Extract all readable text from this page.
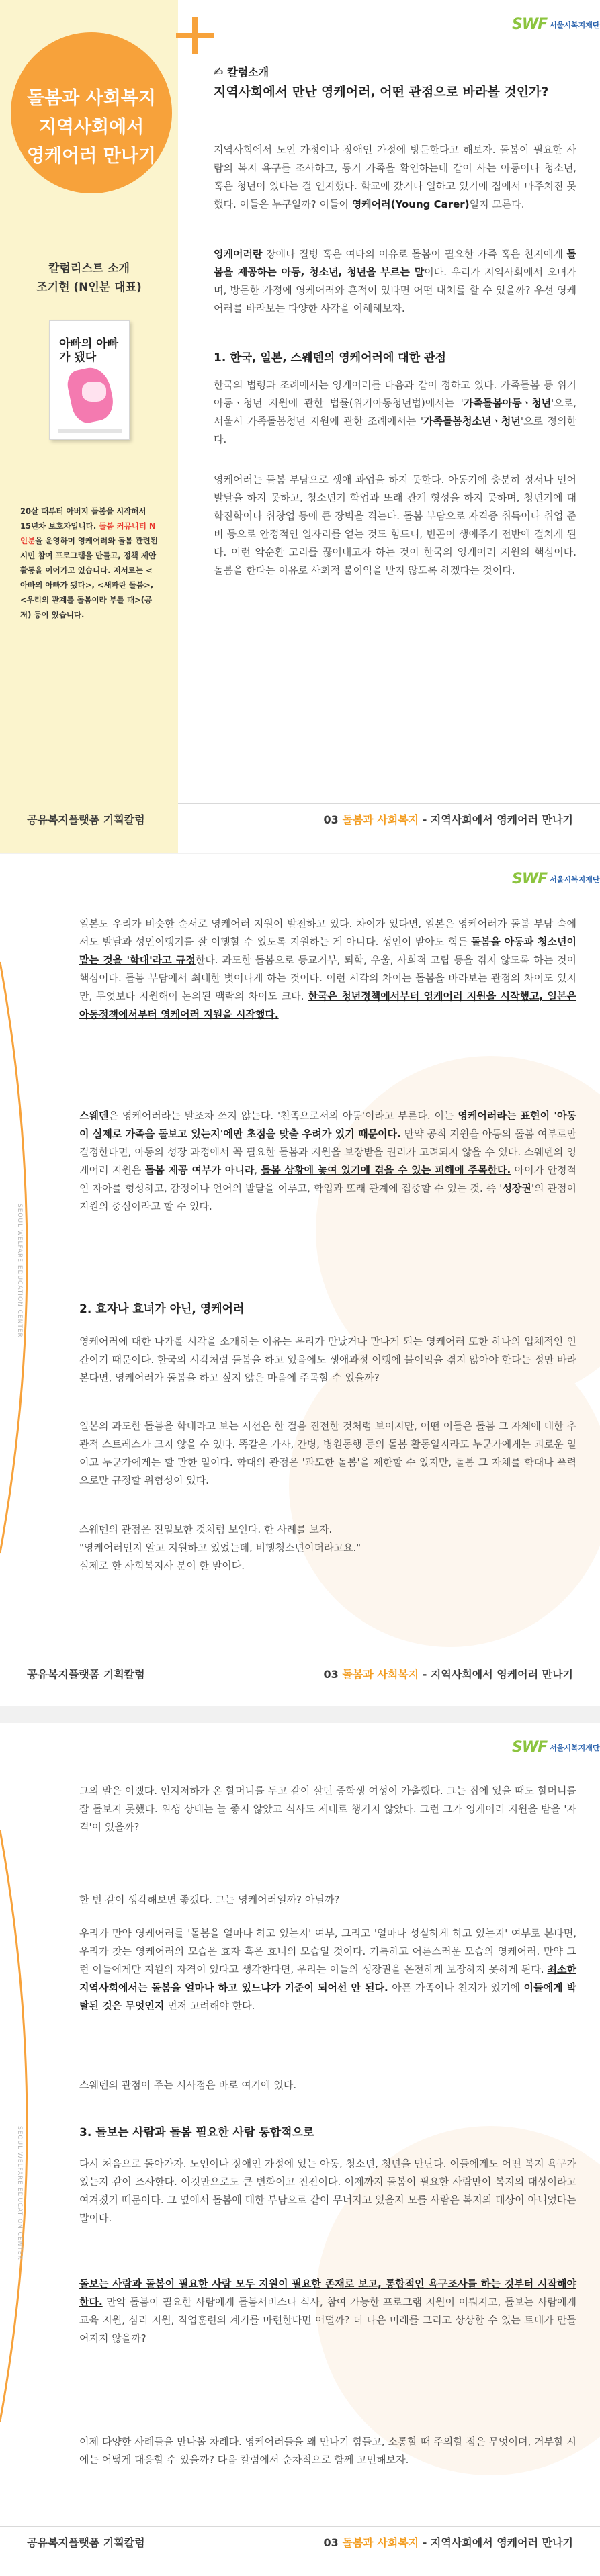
돌봄과 사회복지
지역사회에서
영케어러 만나기
칼럼리스트 소개
조기현 (N인분 대표)
아빠의 아빠가 됐다
20살 때부터 아버지 돌봄을 시작해서 15년차 보호자입니다. 돌봄 커뮤니티 N인분을 운영하며 영케어러와 돌봄 관련된 시민 참여 프로그램을 만들고, 정책 제안 활동을 이어가고 있습니다. 저서로는 <아빠의 아빠가 됐다>, <새파란 돌봄>, <우리의 관계를 돌봄이라 부를 때>(공저) 등이 있습니다.
SWF 서울시복지재단
✍ 칼럼소개
지역사회에서 만난 영케어러, 어떤 관점으로 바라볼 것인가?

지역사회에서 노인 가정이나 장애인 가정에 방문한다고 해보자. 돌봄이 필요한 사람의 복지 욕구를 조사하고, 동거 가족을 확인하는데 같이 사는 아동이나 청소년, 혹은 청년이 있다는 걸 인지했다. 학교에 갔거나 일하고 있기에 집에서 마주치진 못했다. 이들은 누구일까? 이들이 영케어러(Young Carer)일지 모른다.

영케어러란 장애나 질병 혹은 여타의 이유로 돌봄이 필요한 가족 혹은 친지에게 돌봄을 제공하는 아동, 청소년, 청년을 부르는 말이다. 우리가 지역사회에서 오며가며, 방문한 가정에 영케어러와 흔적이 있다면 어떤 대처를 할 수 있을까? 우선 영케어러를 바라보는 다양한 사각을 이해해보자.

1. 한국, 일본, 스웨덴의 영케어러에 대한 관점

한국의 법령과 조례에서는 영케어러를 다음과 같이 정하고 있다. 가족돌봄 등 위기 아동ㆍ청년 지원에 관한 법률(위기아동청년법)에서는 '가족돌봄아동ㆍ청년'으로, 서울시 가족돌봄청년 지원에 관한 조례에서는 '가족돌봄청소년ㆍ청년'으로 정의한다.

영케어러는 돌봄 부담으로 생애 과업을 하지 못한다. 아동기에 충분히 정서나 언어 발달을 하지 못하고, 청소년기 학업과 또래 관계 형성을 하지 못하며, 청년기에 대학진학이나 취창업 등에 큰 장벽을 겪는다. 돌봄 부담으로 자격증 취득이나 취업 준비 등으로 안정적인 일자리를 얻는 것도 힘드니, 빈곤이 생애주기 전반에 걸치게 된다. 이런 악순환 고리를 끊어내고자 하는 것이 한국의 영케어러 지원의 핵심이다. 돌봄을 한다는 이유로 사회적 불이익을 받지 않도록 하겠다는 것이다.

공유복지플랫폼 기획칼럼	03 돌봄과 사회복지 - 지역사회에서 영케어러 만나기
SEOUL WELFARE EDUCATION CENTER
SWF 서울시복지재단

일본도 우리가 비슷한 순서로 영케어러 지원이 발전하고 있다. 차이가 있다면, 일본은 영케어러가 돌봄 부담 속에서도 발달과 성인이행기를 잘 이행할 수 있도록 지원하는 게 아니다. 성인이 맡아도 힘든 돌봄을 아동과 청소년이 맡는 것을 '학대'라고 규정한다. 과도한 돌봄으로 등교거부, 퇴학, 우울, 사회적 고립 등을 겪지 않도록 하는 것이 핵심이다. 돌봄 부담에서 최대한 벗어나게 하는 것이다. 이런 시각의 차이는 돌봄을 바라보는 관점의 차이도 있지만, 무엇보다 지원해이 논의된 맥락의 차이도 크다. 한국은 청년정책에서부터 영케어러 지원을 시작했고, 일본은 아동정책에서부터 영케어러 지원을 시작했다.

스웨덴은 영케어러라는 말조차 쓰지 않는다. '친족으로서의 아동'이라고 부른다. 이는 영케어러라는 표현이 '아동이 실제로 가족을 돌보고 있는지'에만 초점을 맞출 우려가 있기 때문이다. 만약 공적 지원을 아동의 돌봄 여부로만 결정한다면, 아동의 성장 과정에서 꼭 필요한 돌봄과 지원을 보장받을 권리가 고려되지 않을 수 있다. 스웨덴의 영케어러 지원은 돌봄 제공 여부가 아니라, 돌봄 상황에 놓여 있기에 겪을 수 있는 피해에 주목한다. 아이가 안정적인 자아를 형성하고, 감정이나 언어의 발달을 이루고, 학업과 또래 관계에 집중할 수 있는 것. 즉 '성장권'의 관점이 지원의 중심이라고 할 수 있다.

2. 효자나 효녀가 아닌, 영케어러

영케어러에 대한 나가볼 시각을 소개하는 이유는 우리가 만났거나 만나게 되는 영케어러 또한 하나의 입체적인 인간이기 때문이다. 한국의 시각처럼 돌봄을 하고 있음에도 생애과정 이행에 불이익을 겪지 않아야 한다는 정만 바라본다면, 영케어러가 돌봄을 하고 싶지 않은 마음에 주목할 수 있을까?

일본의 과도한 돌봄을 학대라고 보는 시선은 한 걸음 진전한 것처럼 보이지만, 어떤 이들은 돌봄 그 자체에 대한 추관적 스트레스가 크지 않을 수 있다. 똑같은 가사, 간병, 병원동행 등의 돌봄 활동일지라도 누군가에게는 괴로운 일이고 누군가에게는 할 만한 일이다. 학대의 관점은 '과도한 돌봄'을 제한할 수 있지만, 돌봄 그 자체를 학대나 폭력으로만 규정할 위험성이 있다.

스웨덴의 관점은 진일보한 것처럼 보인다. 한 사례를 보자.
"영케어러인지 알고 지원하고 있었는데, 비행청소년이더라고요."
실제로 한 사회복지사 분이 한 말이다.

공유복지플랫폼 기획칼럼	03 돌봄과 사회복지 - 지역사회에서 영케어러 만나기
SEOUL WELFARE EDUCATION CENTER
SWF 서울시복지재단

그의 말은 이랬다. 인지저하가 온 할머니를 두고 같이 살던 중학생 여성이 가출했다. 그는 집에 있을 때도 할머니를 잘 돌보지 못했다. 위생 상태는 늘 좋지 않았고 식사도 제대로 챙기지 않았다. 그런 그가 영케어러 지원을 받을 '자격'이 있을까?

한 번 같이 생각해보면 좋겠다. 그는 영케어러일까? 아닐까?

우리가 만약 영케어러를 '돌봄을 얼마나 하고 있는지' 여부, 그리고 '얼마나 성실하게 하고 있는지' 여부로 본다면, 우리가 찾는 영케어러의 모습은 효자 혹은 효녀의 모습일 것이다. 기특하고 어른스러운 모습의 영케어러. 만약 그런 이들에게만 지원의 자격이 있다고 생각한다면, 우리는 이들의 성장권을 온전하게 보장하지 못하게 된다. 최소한 지역사회에서는 돌봄을 얼마나 하고 있느냐가 기준이 되어선 안 된다. 아픈 가족이나 친지가 있기에 이들에게 박탈된 것은 무엇인지 먼저 고려해야 한다.

스웨덴의 관점이 주는 시사점은 바로 여기에 있다.

3. 돌보는 사람과 돌봄 필요한 사람 통합적으로

다시 처음으로 돌아가자. 노인이나 장애인 가정에 있는 아동, 청소년, 청년을 만난다. 이들에게도 어떤 복지 욕구가 있는지 같이 조사한다. 이것만으로도 큰 변화이고 진전이다. 이제까지 돌봄이 필요한 사람만이 복지의 대상이라고 여겨졌기 때문이다. 그 옆에서 돌봄에 대한 부담으로 같이 무너지고 있을지 모를 사람은 복지의 대상이 아니었다는 말이다.

돌보는 사람과 돌봄이 필요한 사람 모두 지원이 필요한 존재로 보고, 통합적인 욕구조사를 하는 것부터 시작해야 한다. 만약 돌봄이 필요한 사람에게 돌봄서비스나 식사, 참여 가능한 프로그램 지원이 이뤄지고, 돌보는 사람에게 교육 지원, 심리 지원, 직업훈련의 계기를 마련한다면 어떨까? 더 나은 미래를 그리고 상상할 수 있는 토대가 만들어지지 않을까?

이제 다양한 사례들을 만나볼 차례다. 영케어러들을 왜 만나기 힘들고, 소통할 때 주의할 점은 무엇이며, 거부할 시에는 어떻게 대응할 수 있을까? 다음 칼럼에서 순차적으로 함께 고민해보자.

공유복지플랫폼 기획칼럼	03 돌봄과 사회복지 - 지역사회에서 영케어러 만나기
